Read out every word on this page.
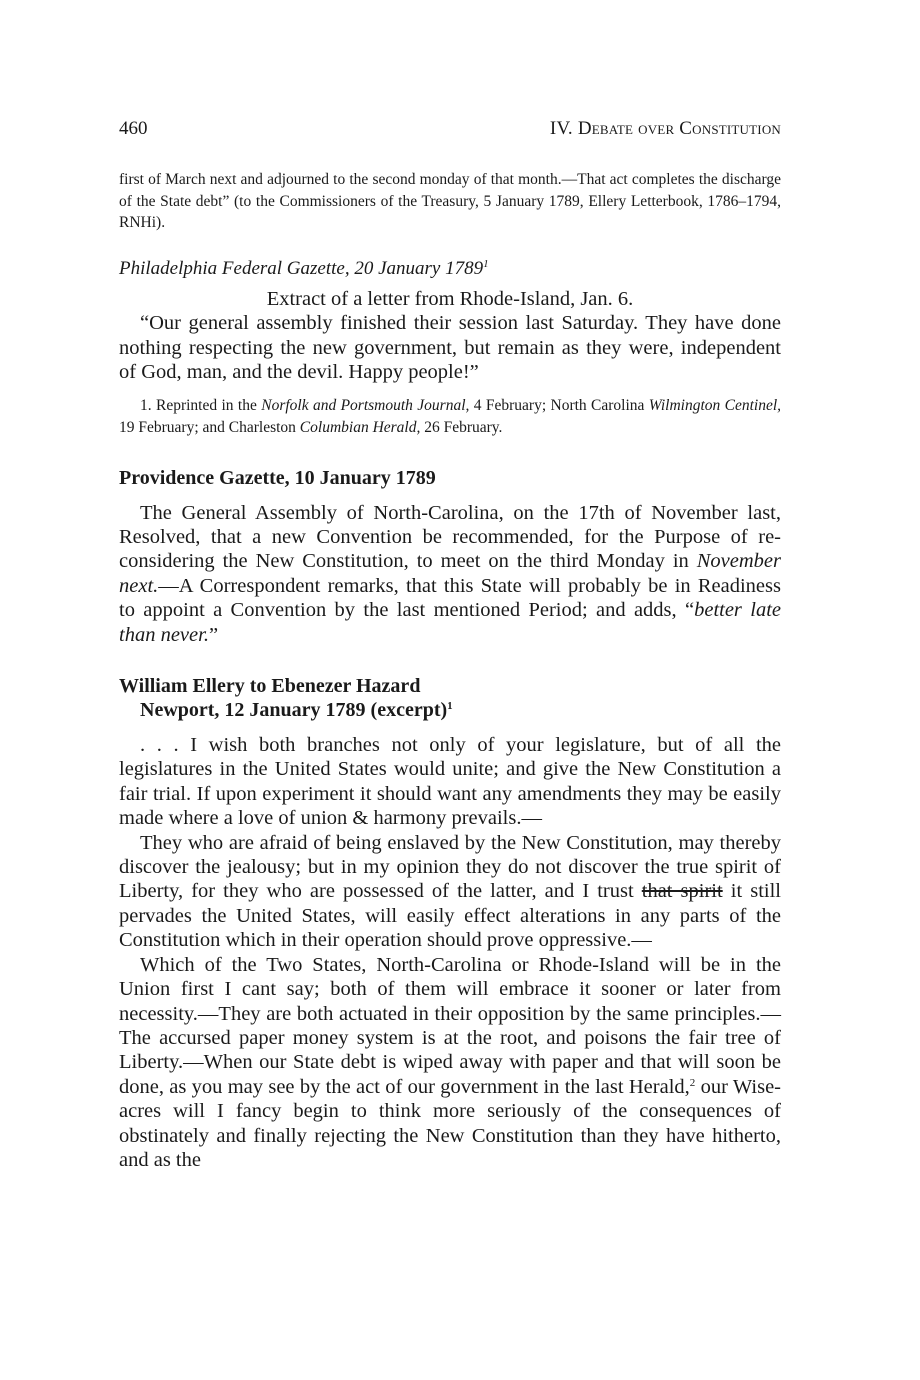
460	IV. Debate over Constitution

first of March next and adjourned to the second monday of that month.—That act completes the discharge of the State debt” (to the Commissioners of the Treasury, 5 January 1789, Ellery Letterbook, 1786–1794, RNHi).

Philadelphia Federal Gazette, 20 January 1789$^1$

Extract of a letter from Rhode-Island, Jan. 6.

“Our general assembly finished their session last Saturday. They have done nothing respecting the new government, but remain as they were, independent of God, man, and the devil. Happy people!”

1. Reprinted in the Norfolk and Portsmouth Journal, 4 February; North Carolina Wilmington Centinel, 19 February; and Charleston Columbian Herald, 26 February.

Providence Gazette, 10 January 1789

The General Assembly of North-Carolina, on the 17th of November last, Resolved, that a new Convention be recommended, for the Purpose of re-considering the New Constitution, to meet on the third Monday in November next.—A Correspondent remarks, that this State will probably be in Readiness to appoint a Convention by the last mentioned Period; and adds, “better late than never.”

William Ellery to Ebenezer Hazard

Newport, 12 January 1789 (excerpt)$^1$

. . . I wish both branches not only of your legislature, but of all the legislatures in the United States would unite; and give the New Constitution a fair trial. If upon experiment it should want any amendments they may be easily made where a love of union & harmony prevails.—

They who are afraid of being enslaved by the New Constitution, may thereby discover the jealousy; but in my opinion they do not discover the true spirit of Liberty, for they who are possessed of the latter, and I trust that spirit it still pervades the United States, will easily effect alterations in any parts of the Constitution which in their operation should prove oppressive.—

Which of the Two States, North-Carolina or Rhode-Island will be in the Union first I cant say; both of them will embrace it sooner or later from necessity.—They are both actuated in their opposition by the same principles.—The accursed paper money system is at the root, and poisons the fair tree of Liberty.—When our State debt is wiped away with paper and that will soon be done, as you may see by the act of our government in the last Herald,$^2$ our Wise-acres will I fancy begin to think more seriously of the consequences of obstinately and finally rejecting the New Constitution than they have hitherto, and as the
